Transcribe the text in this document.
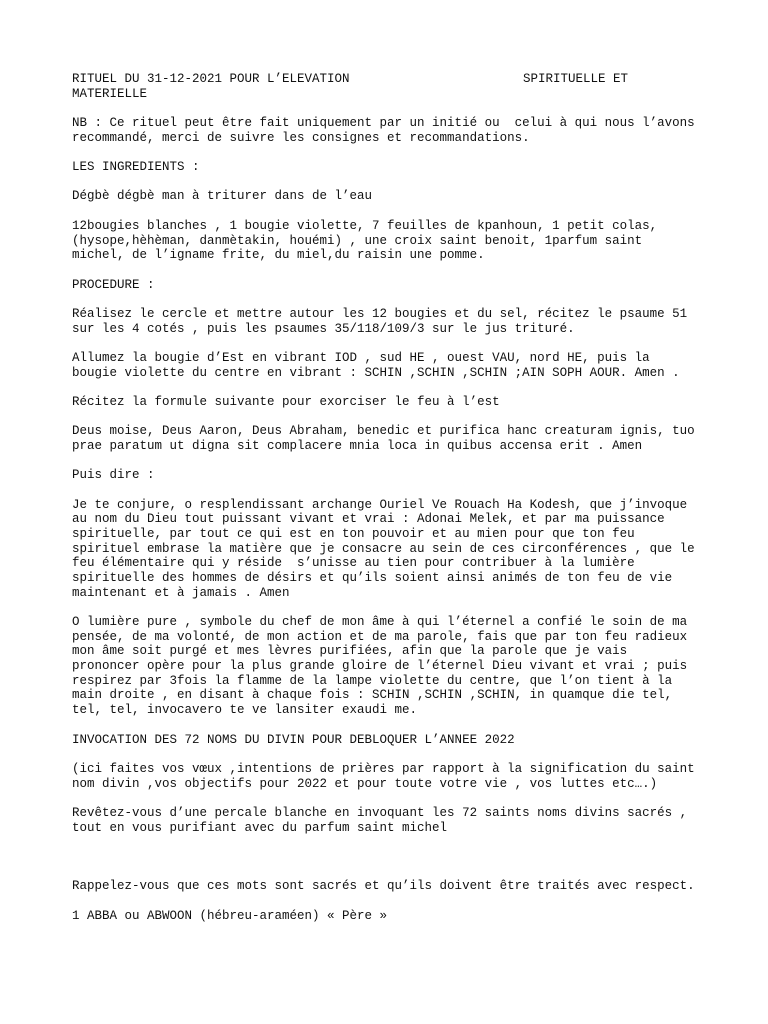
RITUEL DU 31-12-2021 POUR L’ELEVATION	SPIRITUELLE ET
MATERIELLE
NB : Ce rituel peut être fait uniquement par un initié ou  celui à qui nous l’avons
recommandé, merci de suivre les consignes et recommandations.
LES INGREDIENTS :
Dégbè dégbè man à triturer dans de l’eau
12bougies blanches , 1 bougie violette, 7 feuilles de kpanhoun, 1 petit colas,
(hysope,hèhèman, danmètakin, houémi) , une croix saint benoit, 1parfum saint
michel, de l’igname frite, du miel,du raisin une pomme.
PROCEDURE :
Réalisez le cercle et mettre autour les 12 bougies et du sel, récitez le psaume 51
sur les 4 cotés , puis les psaumes 35/118/109/3 sur le jus trituré.
Allumez la bougie d’Est en vibrant IOD , sud HE , ouest VAU, nord HE, puis la
bougie violette du centre en vibrant : SCHIN ,SCHIN ,SCHIN ;AIN SOPH AOUR. Amen .
Récitez la formule suivante pour exorciser le feu à l’est
Deus moise, Deus Aaron, Deus Abraham, benedic et purifica hanc creaturam ignis, tuo
prae paratum ut digna sit complacere mnia loca in quibus accensa erit . Amen
Puis dire :
Je te conjure, o resplendissant archange Ouriel Ve Rouach Ha Kodesh, que j’invoque
au nom du Dieu tout puissant vivant et vrai : Adonai Melek, et par ma puissance
spirituelle, par tout ce qui est en ton pouvoir et au mien pour que ton feu
spirituel embrase la matière que je consacre au sein de ces circonférences , que le
feu élémentaire qui y réside  s’unisse au tien pour contribuer à la lumière
spirituelle des hommes de désirs et qu’ils soient ainsi animés de ton feu de vie
maintenant et à jamais . Amen
O lumière pure , symbole du chef de mon âme à qui l’éternel a confié le soin de ma
pensée, de ma volonté, de mon action et de ma parole, fais que par ton feu radieux
mon âme soit purgé et mes lèvres purifiées, afin que la parole que je vais
prononcer opère pour la plus grande gloire de l’éternel Dieu vivant et vrai ; puis
respirez par 3fois la flamme de la lampe violette du centre, que l’on tient à la
main droite , en disant à chaque fois : SCHIN ,SCHIN ,SCHIN, in quamque die tel,
tel, tel, invocavero te ve lansiter exaudi me.
INVOCATION DES 72 NOMS DU DIVIN POUR DEBLOQUER L’ANNEE 2022
(ici faites vos vœux ,intentions de prières par rapport à la signification du saint
nom divin ,vos objectifs pour 2022 et pour toute votre vie , vos luttes etc….)
Revêtez-vous d’une percale blanche en invoquant les 72 saints noms divins sacrés ,
tout en vous purifiant avec du parfum saint michel
Rappelez-vous que ces mots sont sacrés et qu’ils doivent être traités avec respect.
1 ABBA ou ABWOON (hébreu-araméen) « Père »
